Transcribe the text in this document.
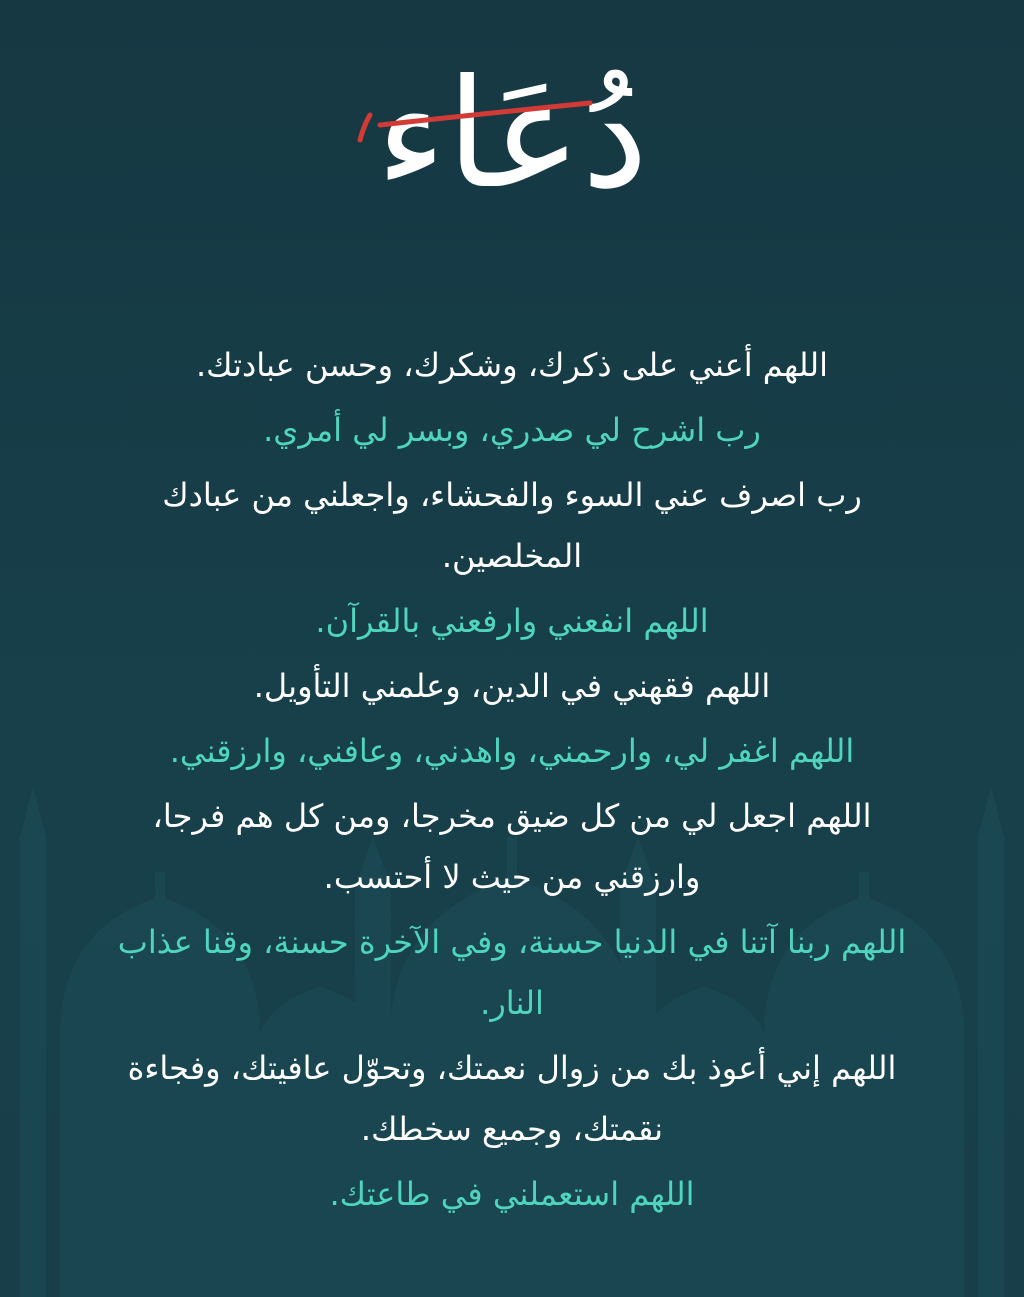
دُعَاء

اللهم أعني على ذكرك، وشكرك، وحسن عبادتك.

رب اشرح لي صدري، وبسر لي أمري.

رب اصرف عني السوء والفحشاء، واجعلني من عبادك المخلصين.

اللهم انفعني وارفعني بالقرآن.

اللهم فقهني في الدين، وعلمني التأويل.

اللهم اغفر لي، وارحمني، واهدني، وعافني، وارزقني.

اللهم اجعل لي من كل ضيق مخرجا، ومن كل هم فرجا، وارزقني من حيث لا أحتسب.

اللهم ربنا آتنا في الدنيا حسنة، وفي الآخرة حسنة، وقنا عذاب النار.

اللهم إني أعوذ بك من زوال نعمتك، وتحوّل عافيتك، وفجاءة نقمتك، وجميع سخطك.

اللهم استعملني في طاعتك.
